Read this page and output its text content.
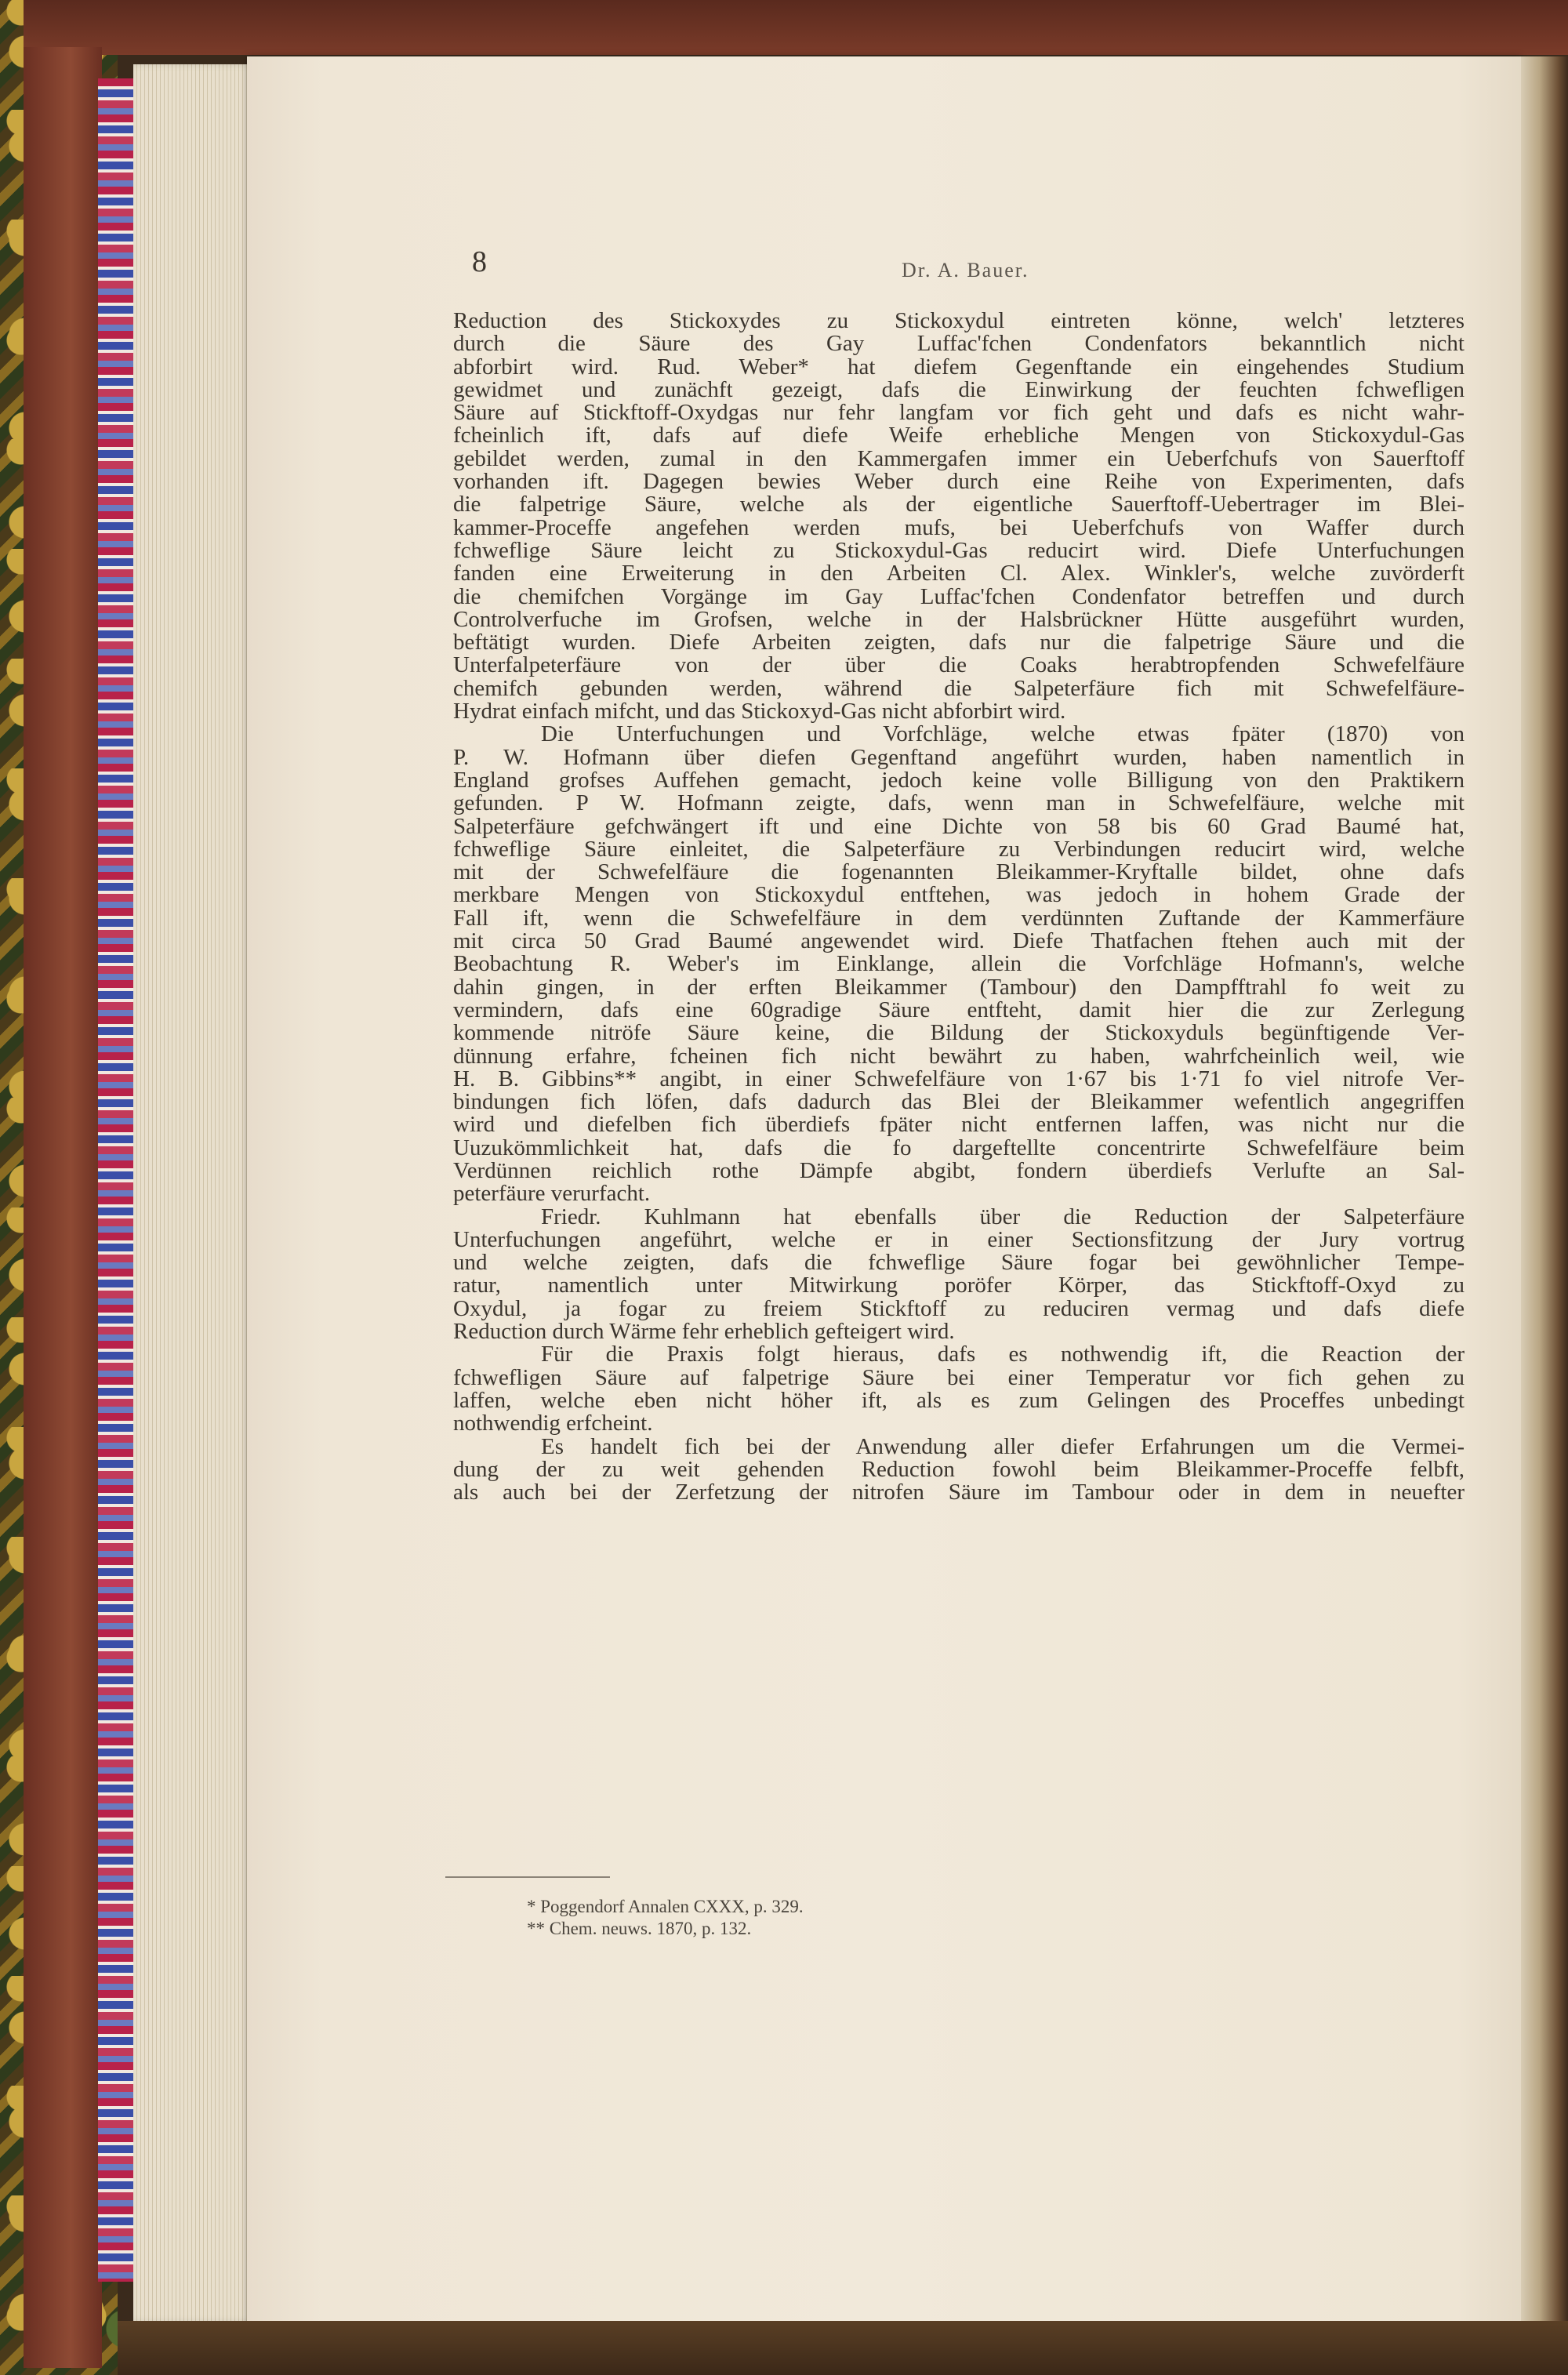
8	Dr. A. Bauer.
Reduction des Stickoxydes zu Stickoxydul eintreten könne, welch' letzteres
durch die Säure des Gay Luffac'fchen Condenfators bekanntlich nicht
abforbirt wird. Rud. Weber* hat diefem Gegenftande ein eingehendes Studium
gewidmet und zunächft gezeigt, dafs die Einwirkung der feuchten fchwefligen
Säure auf Stickftoff-Oxydgas nur fehr langfam vor fich geht und dafs es nicht wahr-
fcheinlich ift, dafs auf diefe Weife erhebliche Mengen von Stickoxydul-Gas
gebildet werden, zumal in den Kammergafen immer ein Ueberfchufs von Sauerftoff
vorhanden ift. Dagegen bewies Weber durch eine Reihe von Experimenten, dafs
die falpetrige Säure, welche als der eigentliche Sauerftoff-Uebertrager im Blei-
kammer-Proceffe angefehen werden mufs, bei Ueberfchufs von Waffer durch
fchweflige Säure leicht zu Stickoxydul-Gas reducirt wird. Diefe Unterfuchungen
fanden eine Erweiterung in den Arbeiten Cl. Alex. Winkler's, welche zuvörderft
die chemifchen Vorgänge im Gay Luffac'fchen Condenfator betreffen und durch
Controlverfuche im Grofsen, welche in der Halsbrückner Hütte ausgeführt wurden,
beftätigt wurden. Diefe Arbeiten zeigten, dafs nur die falpetrige Säure und die
Unterfalpeterfäure von der über die Coaks herabtropfenden Schwefelfäure
chemifch gebunden werden, während die Salpeterfäure fich mit Schwefelfäure-
Hydrat einfach mifcht, und das Stickoxyd-Gas nicht abforbirt wird.
Die Unterfuchungen und Vorfchläge, welche etwas fpäter (1870) von
P. W. Hofmann über diefen Gegenftand angeführt wurden, haben namentlich in
England grofses Auffehen gemacht, jedoch keine volle Billigung von den Praktikern
gefunden. P W. Hofmann zeigte, dafs, wenn man in Schwefelfäure, welche mit
Salpeterfäure gefchwängert ift und eine Dichte von 58 bis 60 Grad Baumé hat,
fchweflige Säure einleitet, die Salpeterfäure zu Verbindungen reducirt wird, welche
mit der Schwefelfäure die fogenannten Bleikammer-Kryftalle bildet, ohne dafs
merkbare Mengen von Stickoxydul entftehen, was jedoch in hohem Grade der
Fall ift, wenn die Schwefelfäure in dem verdünnten Zuftande der Kammerfäure
mit circa 50 Grad Baumé angewendet wird. Diefe Thatfachen ftehen auch mit der
Beobachtung R. Weber's im Einklange, allein die Vorfchläge Hofmann's, welche
dahin gingen, in der erften Bleikammer (Tambour) den Dampfftrahl fo weit zu
vermindern, dafs eine 60gradige Säure entfteht, damit hier die zur Zerlegung
kommende nitröfe Säure keine, die Bildung der Stickoxyduls begünftigende Ver-
dünnung erfahre, fcheinen fich nicht bewährt zu haben, wahrfcheinlich weil, wie
H. B. Gibbins** angibt, in einer Schwefelfäure von 1·67 bis 1·71 fo viel nitrofe Ver-
bindungen fich löfen, dafs dadurch das Blei der Bleikammer wefentlich angegriffen
wird und diefelben fich überdiefs fpäter nicht entfernen laffen, was nicht nur die
Uuzukömmlichkeit hat, dafs die fo dargeftellte concentrirte Schwefelfäure beim
Verdünnen reichlich rothe Dämpfe abgibt, fondern überdiefs Verlufte an Sal-
peterfäure verurfacht.
Friedr. Kuhlmann hat ebenfalls über die Reduction der Salpeterfäure
Unterfuchungen angeführt, welche er in einer Sectionsfitzung der Jury vortrug
und welche zeigten, dafs die fchweflige Säure fogar bei gewöhnlicher Tempe-
ratur, namentlich unter Mitwirkung poröfer Körper, das Stickftoff-Oxyd zu
Oxydul, ja fogar zu freiem Stickftoff zu reduciren vermag und dafs diefe
Reduction durch Wärme fehr erheblich gefteigert wird.
Für die Praxis folgt hieraus, dafs es nothwendig ift, die Reaction der
fchwefligen Säure auf falpetrige Säure bei einer Temperatur vor fich gehen zu
laffen, welche eben nicht höher ift, als es zum Gelingen des Proceffes unbedingt
nothwendig erfcheint.
Es handelt fich bei der Anwendung aller diefer Erfahrungen um die Vermei-
dung der zu weit gehenden Reduction fowohl beim Bleikammer-Proceffe felbft,
als auch bei der Zerfetzung der nitrofen Säure im Tambour oder in dem in neuefter
* Poggendorf Annalen CXXX, p. 329.
** Chem. neuws. 1870, p. 132.
